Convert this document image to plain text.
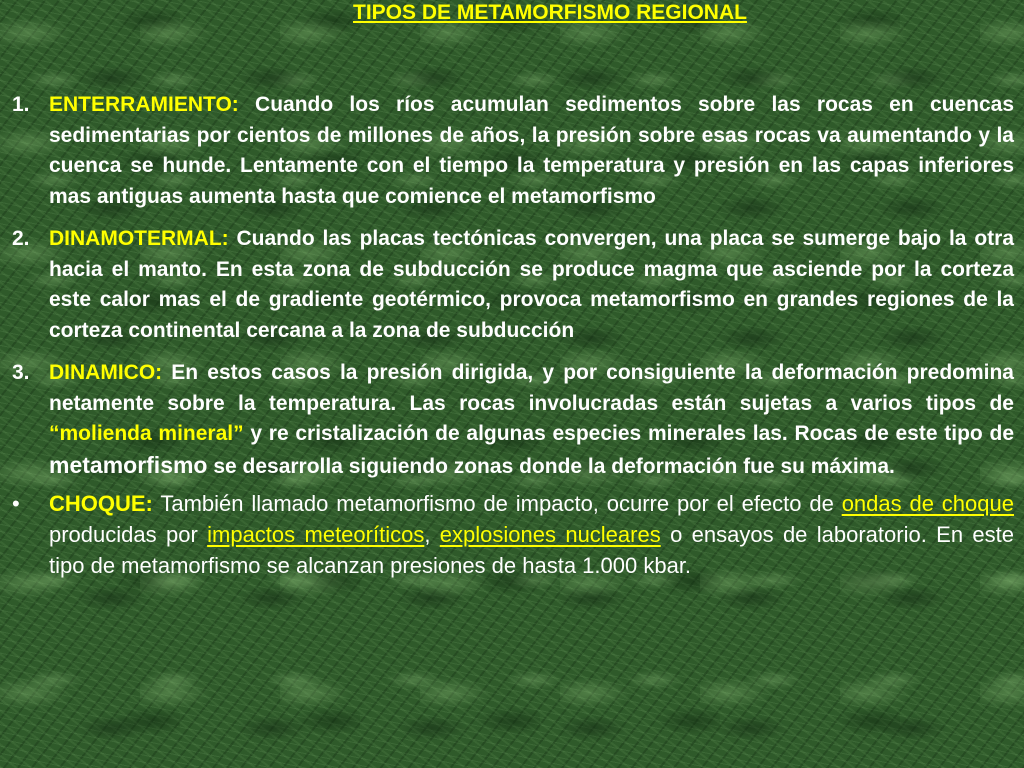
TIPOS DE METAMORFISMO REGIONAL
1. ENTERRAMIENTO: Cuando los ríos acumulan sedimentos sobre las rocas en cuencas sedimentarias por cientos de millones de años, la presión sobre esas rocas va aumentando y la cuenca se hunde. Lentamente con el tiempo la temperatura y presión en las capas inferiores mas antiguas aumenta hasta que comience el metamorfismo
2. DINAMOTERMAL: Cuando las placas tectónicas convergen, una placa se sumerge bajo la otra hacia el manto. En esta zona de subducción se produce magma que asciende por la corteza este calor mas el de gradiente geotérmico, provoca metamorfismo en grandes regiones de la corteza continental cercana a la zona de subducción
3. DINAMICO: En estos casos la presión dirigida, y por consiguiente la deformación predomina netamente sobre la temperatura. Las rocas involucradas están sujetas a varios tipos de “molienda mineral” y re cristalización de algunas especies minerales las. Rocas de este tipo de metamorfismo se desarrolla siguiendo zonas donde la deformación fue su máxima.
• CHOQUE: También llamado metamorfismo de impacto, ocurre por el efecto de ondas de choque producidas por impactos meteoríticos, explosiones nucleares o ensayos de laboratorio. En este tipo de metamorfismo se alcanzan presiones de hasta 1.000 kbar.
